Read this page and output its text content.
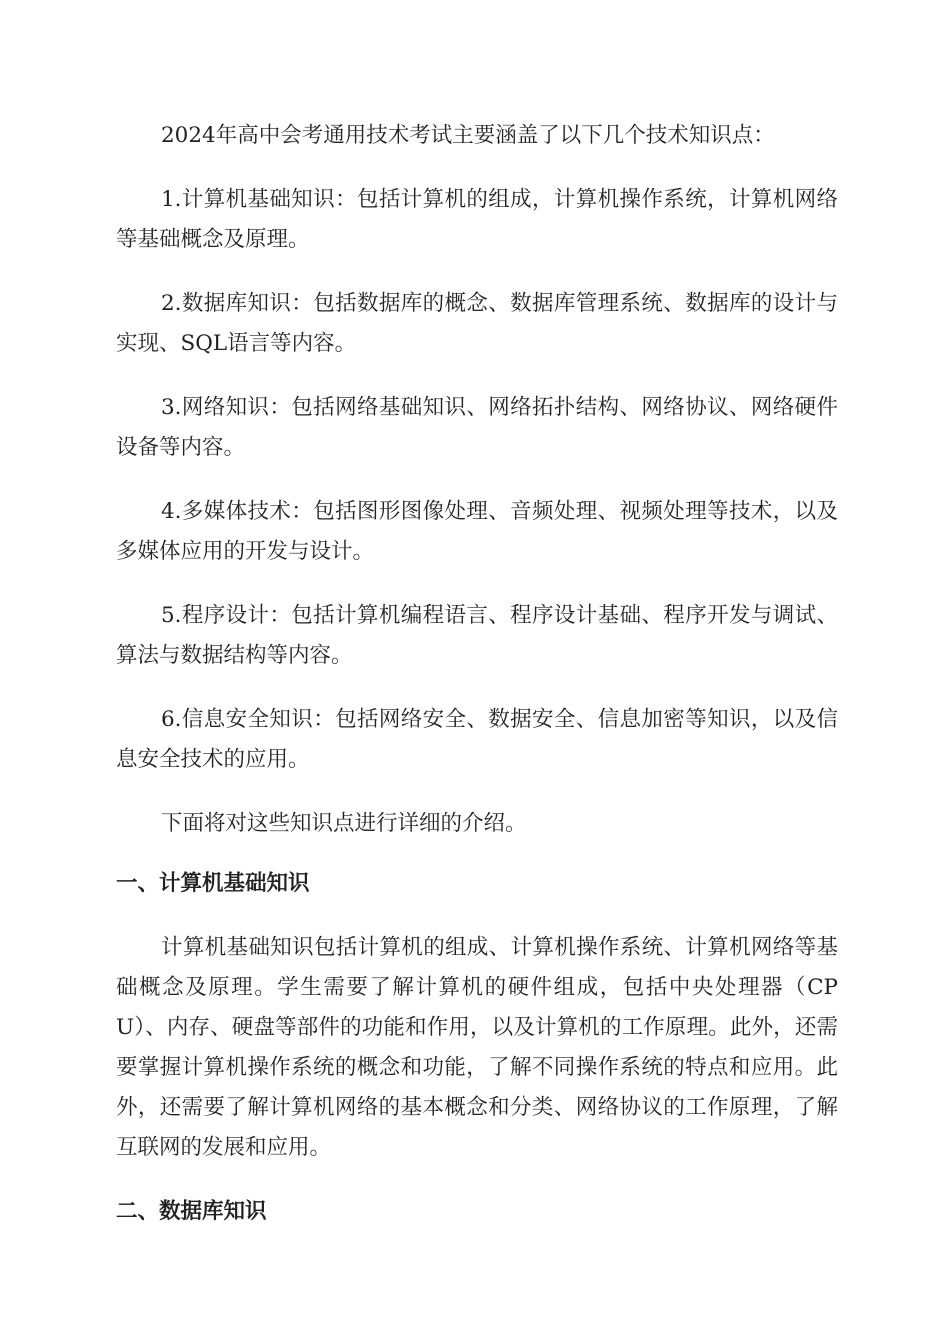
2024年高中会考通用技术考试主要涵盖了以下几个技术知识点：

1.计算机基础知识：包括计算机的组成，计算机操作系统，计算机网络等基础概念及原理。

2.数据库知识：包括数据库的概念、数据库管理系统、数据库的设计与实现、SQL语言等内容。

3.网络知识：包括网络基础知识、网络拓扑结构、网络协议、网络硬件设备等内容。

4.多媒体技术：包括图形图像处理、音频处理、视频处理等技术，以及多媒体应用的开发与设计。

5.程序设计：包括计算机编程语言、程序设计基础、程序开发与调试、算法与数据结构等内容。

6.信息安全知识：包括网络安全、数据安全、信息加密等知识，以及信息安全技术的应用。

下面将对这些知识点进行详细的介绍。

一、计算机基础知识

计算机基础知识包括计算机的组成、计算机操作系统、计算机网络等基础概念及原理。学生需要了解计算机的硬件组成，包括中央处理器（CPU）、内存、硬盘等部件的功能和作用，以及计算机的工作原理。此外，还需要掌握计算机操作系统的概念和功能，了解不同操作系统的特点和应用。此外，还需要了解计算机网络的基本概念和分类、网络协议的工作原理，了解互联网的发展和应用。

二、数据库知识
